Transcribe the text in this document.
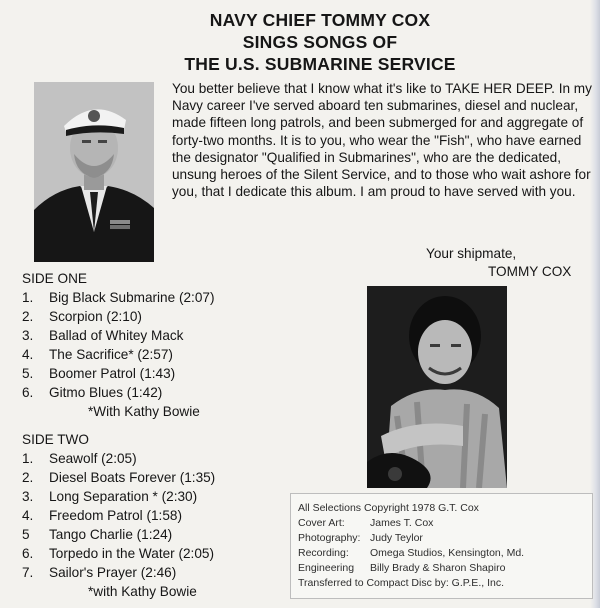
NAVY CHIEF TOMMY COX
SINGS SONGS OF
THE U.S. SUBMARINE SERVICE
You better believe that I know what it's like to TAKE HER DEEP. In my Navy career I've served aboard ten submarines, diesel and nuclear, made fifteen long patrols, and been submerged for and aggregate of forty-two months. It is to you, who wear the "Fish", who have earned the designator "Qualified in Submarines", who are the dedicated, unsung heroes of the Silent Service, and to those who wait ashore for you, that I dedicate this album. I am proud to have served with you.
Your shipmate,
TOMMY COX
SIDE ONE
1.	Big Black Submarine (2:07)
2.	Scorpion (2:10)
3.	Ballad of Whitey Mack
4.	The Sacrifice* (2:57)
5.	Boomer Patrol (1:43)
6.	Gitmo Blues (1:42)
*With Kathy Bowie
SIDE TWO
1.	Seawolf (2:05)
2.	Diesel Boats Forever (1:35)
3.	Long Separation * (2:30)
4.	Freedom Patrol (1:58)
5	Tango Charlie (1:24)
6.	Torpedo in the Water (2:05)
7.	Sailor's Prayer (2:46)
*with Kathy Bowie
All Selections Copyright 1978 G.T. Cox
Cover Art:	James T. Cox
Photography: Judy Teylor
Recording:	Omega Studios, Kensington, Md.
Engineering	Billy Brady & Sharon Shapiro
Transferred to Compact Disc by: G.P.E., Inc.
